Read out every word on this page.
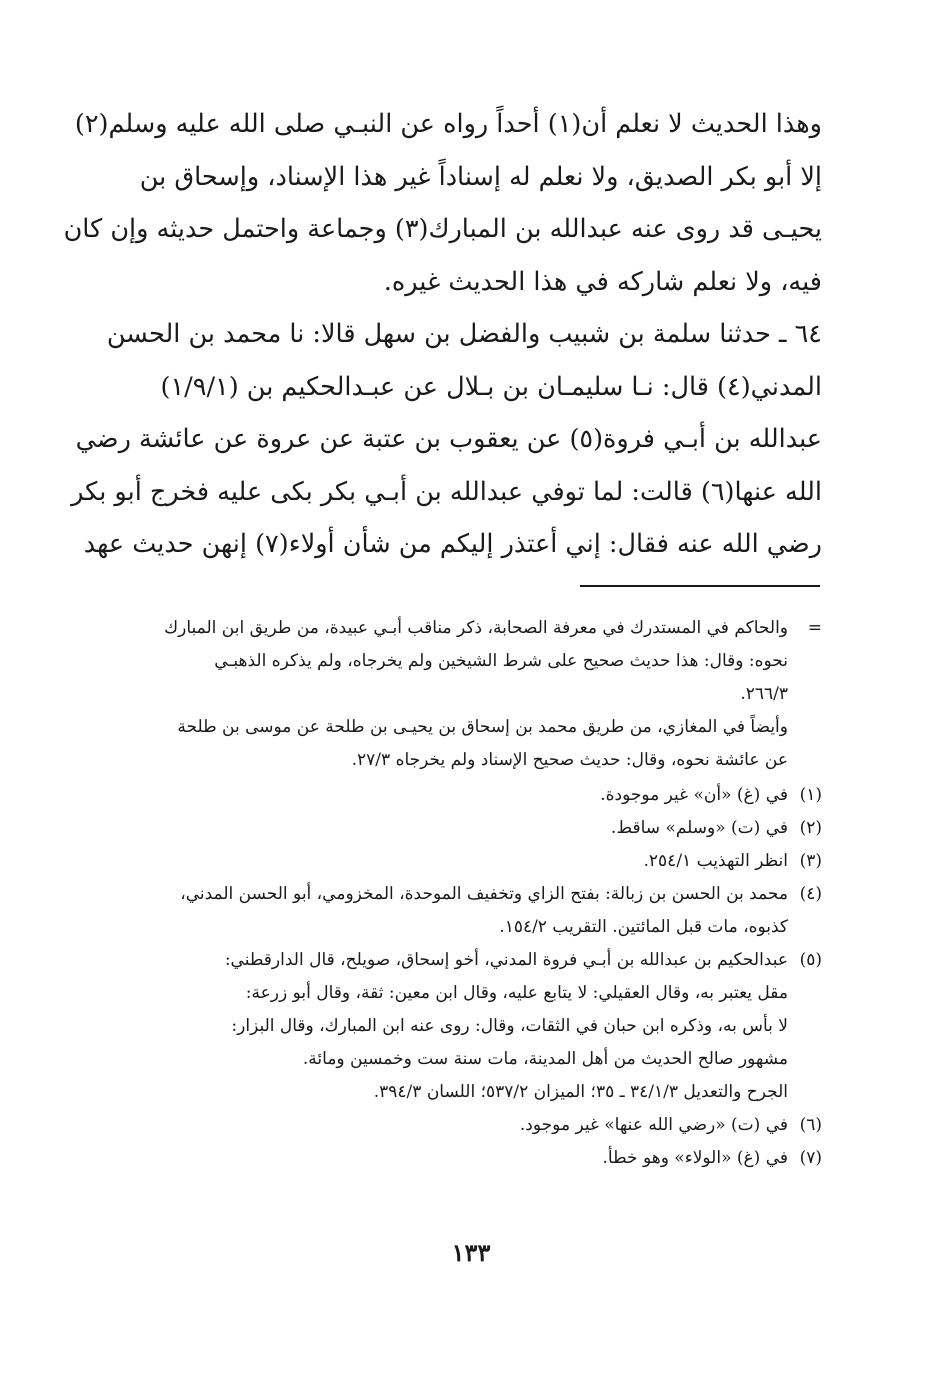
وهذا الحديث لا نعلم أن(١) أحداً رواه عن النبـي صلى الله عليه وسلم(٢)
إلا أبو بكر الصديق، ولا نعلم له إسناداً غير هذا الإسناد، وإسحاق بن
يحيـى قد روى عنه عبدالله بن المبارك(٣) وجماعة واحتمل حديثه وإن كان
فيه، ولا نعلم شاركه في هذا الحديث غيره.
٦٤ ـ حدثنا سلمة بن شبيب والفضل بن سهل قالا: نا محمد بن الحسن
المدني(٤) قال: نـا سليمـان بن بـلال عن عبـدالحكيم بن (١/٩/١)
عبدالله بن أبـي فروة(٥) عن يعقوب بن عتبة عن عروة عن عائشة رضي
الله عنها(٦) قالت: لما توفي عبدالله بن أبـي بكر بكى عليه فخرج أبو بكر
رضي الله عنه فقال: إني أعتذر إليكم من شأن أولاء(٧) إنهن حديث عهد
=
والحاكم في المستدرك في معرفة الصحابة، ذكر مناقب أبـي عبيدة، من طريق ابن المبارك
نحوه: وقال: هذا حديث صحيح على شرط الشيخين ولم يخرجاه، ولم يذكره الذهبـي
٢٦٦/٣.
وأيضاً في المغازي، من طريق محمد بن إسحاق بن يحيـى بن طلحة عن موسى بن طلحة
عن عائشة نحوه، وقال: حديث صحيح الإسناد ولم يخرجاه ٢٧/٣.
(١)
في (غ) «أن» غير موجودة.
(٢)
في (ت) «وسلم» ساقط.
(٣)
انظر التهذيب ٢٥٤/١.
(٤)
محمد بن الحسن بن زبالة: بفتح الزاي وتخفيف الموحدة، المخزومي، أبو الحسن المدني،
كذبوه، مات قبل المائتين. التقريب ١٥٤/٢.
(٥)
عبدالحكيم بن عبدالله بن أبـي فروة المدني، أخو إسحاق، صويلح، قال الدارقطني:
مقل يعتبر به، وقال العقيلي: لا يتابع عليه، وقال ابن معين: ثقة، وقال أبو زرعة:
لا بأس به، وذكره ابن حبان في الثقات، وقال: روى عنه ابن المبارك، وقال البزار:
مشهور صالح الحديث من أهل المدينة، مات سنة ست وخمسين ومائة.
الجرح والتعديل ٣٤/١/٣ ـ ٣٥؛ الميزان ٥٣٧/٢؛ اللسان ٣٩٤/٣.
(٦)
في (ت) «رضي الله عنها» غير موجود.
(٧)
في (غ) «الولاء» وهو خطأ.
١٣٣
